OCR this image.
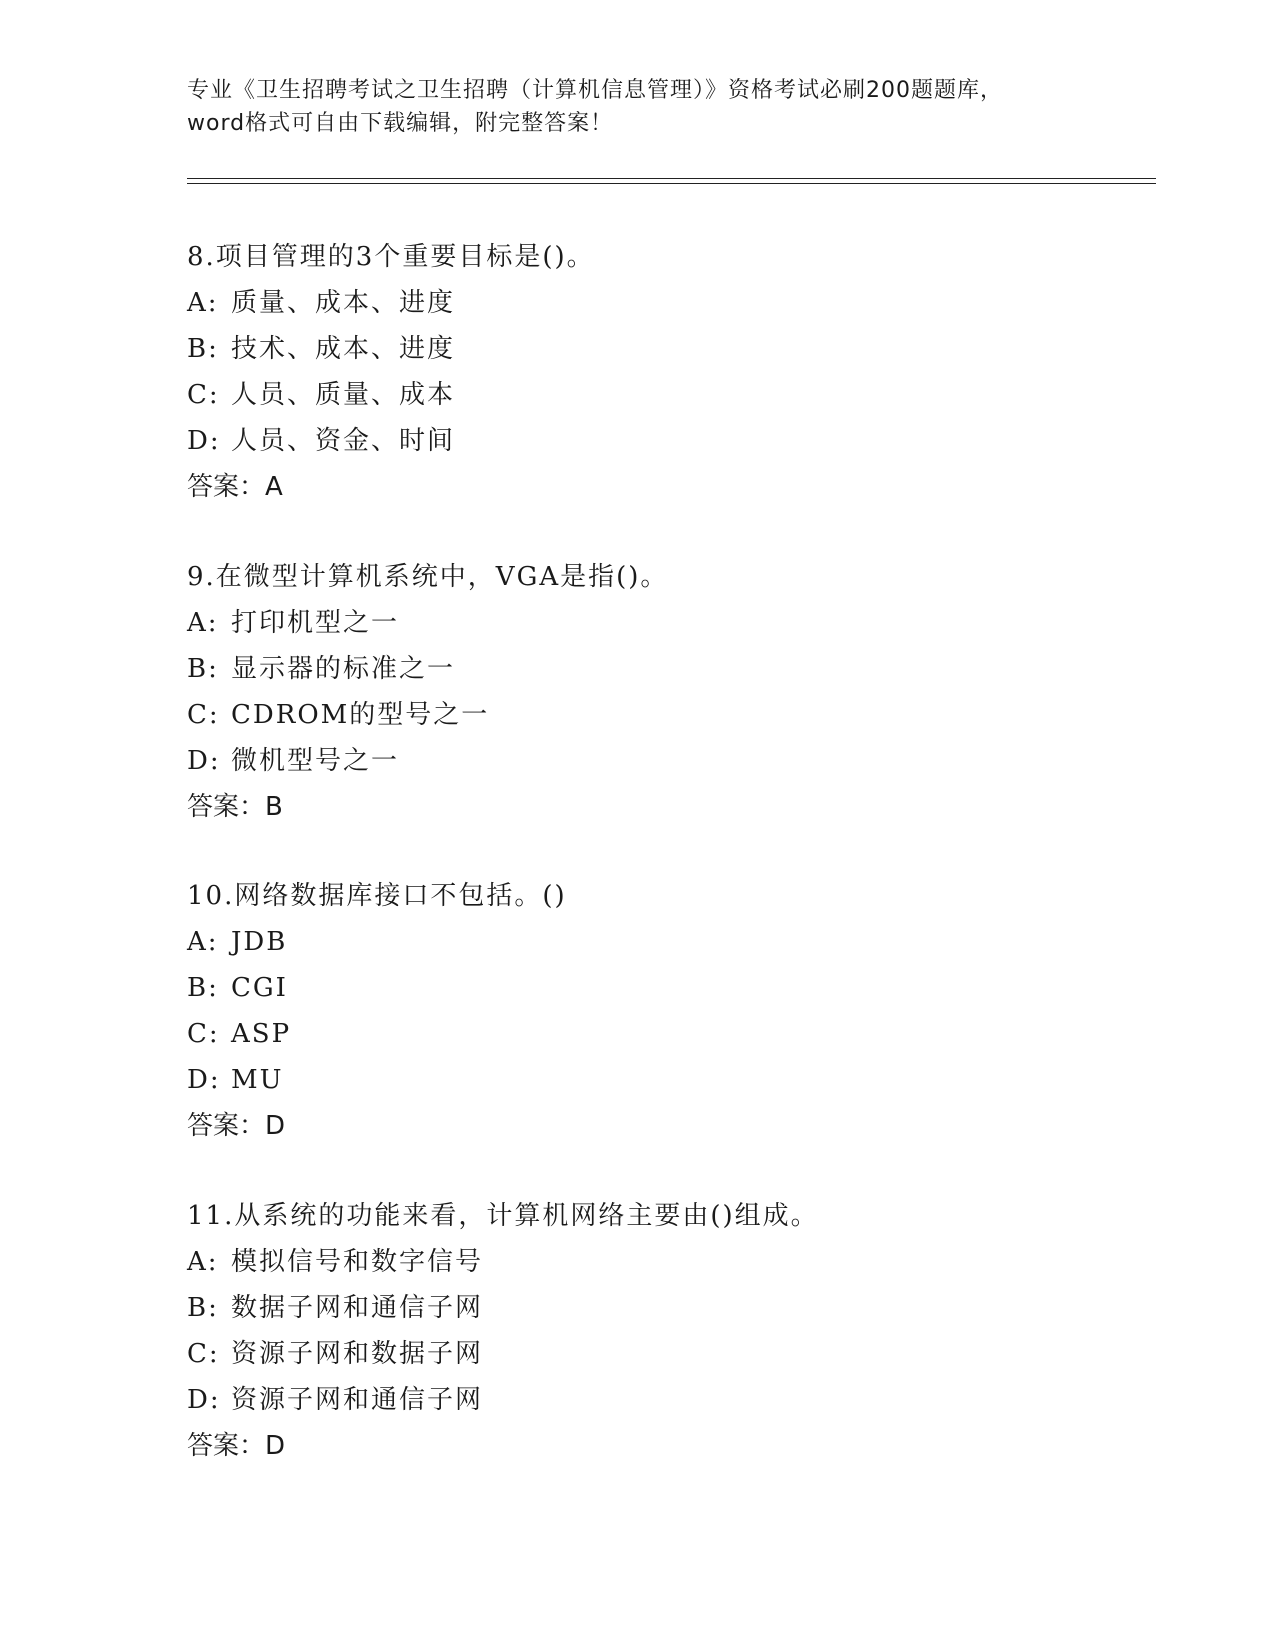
专业《卫生招聘考试之卫生招聘（计算机信息管理）》资格考试必刷200题题库，
word格式可自由下载编辑，附完整答案！
8.项目管理的3个重要目标是()。
A: 质量、成本、进度
B: 技术、成本、进度
C: 人员、质量、成本
D: 人员、资金、时间
答案：A
9.在微型计算机系统中，VGA是指()。
A: 打印机型之一
B: 显示器的标准之一
C: CDROM的型号之一
D: 微机型号之一
答案：B
10.网络数据库接口不包括。()
A: JDB
B: CGI
C: ASP
D: MU
答案：D
11.从系统的功能来看，计算机网络主要由()组成。
A: 模拟信号和数字信号
B: 数据子网和通信子网
C: 资源子网和数据子网
D: 资源子网和通信子网
答案：D
